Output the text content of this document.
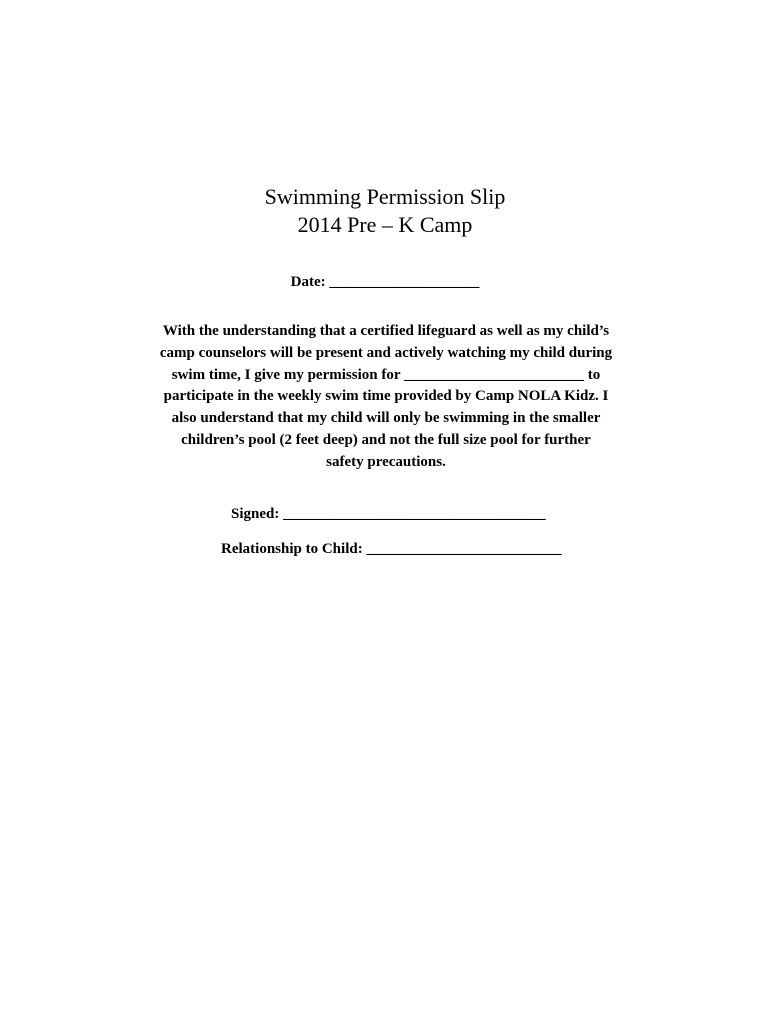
Swimming Permission Slip
2014 Pre – K Camp
Date: ____________________

With the understanding that a certified lifeguard as well as my child’s
camp counselors will be present and actively watching my child during
swim time, I give my permission for ________________________ to
participate in the weekly swim time provided by Camp NOLA Kidz. I
also understand that my child will only be swimming in the smaller
children’s pool (2 feet deep) and not the full size pool for further
safety precautions.

Signed: ___________________________________
Relationship to Child: __________________________
